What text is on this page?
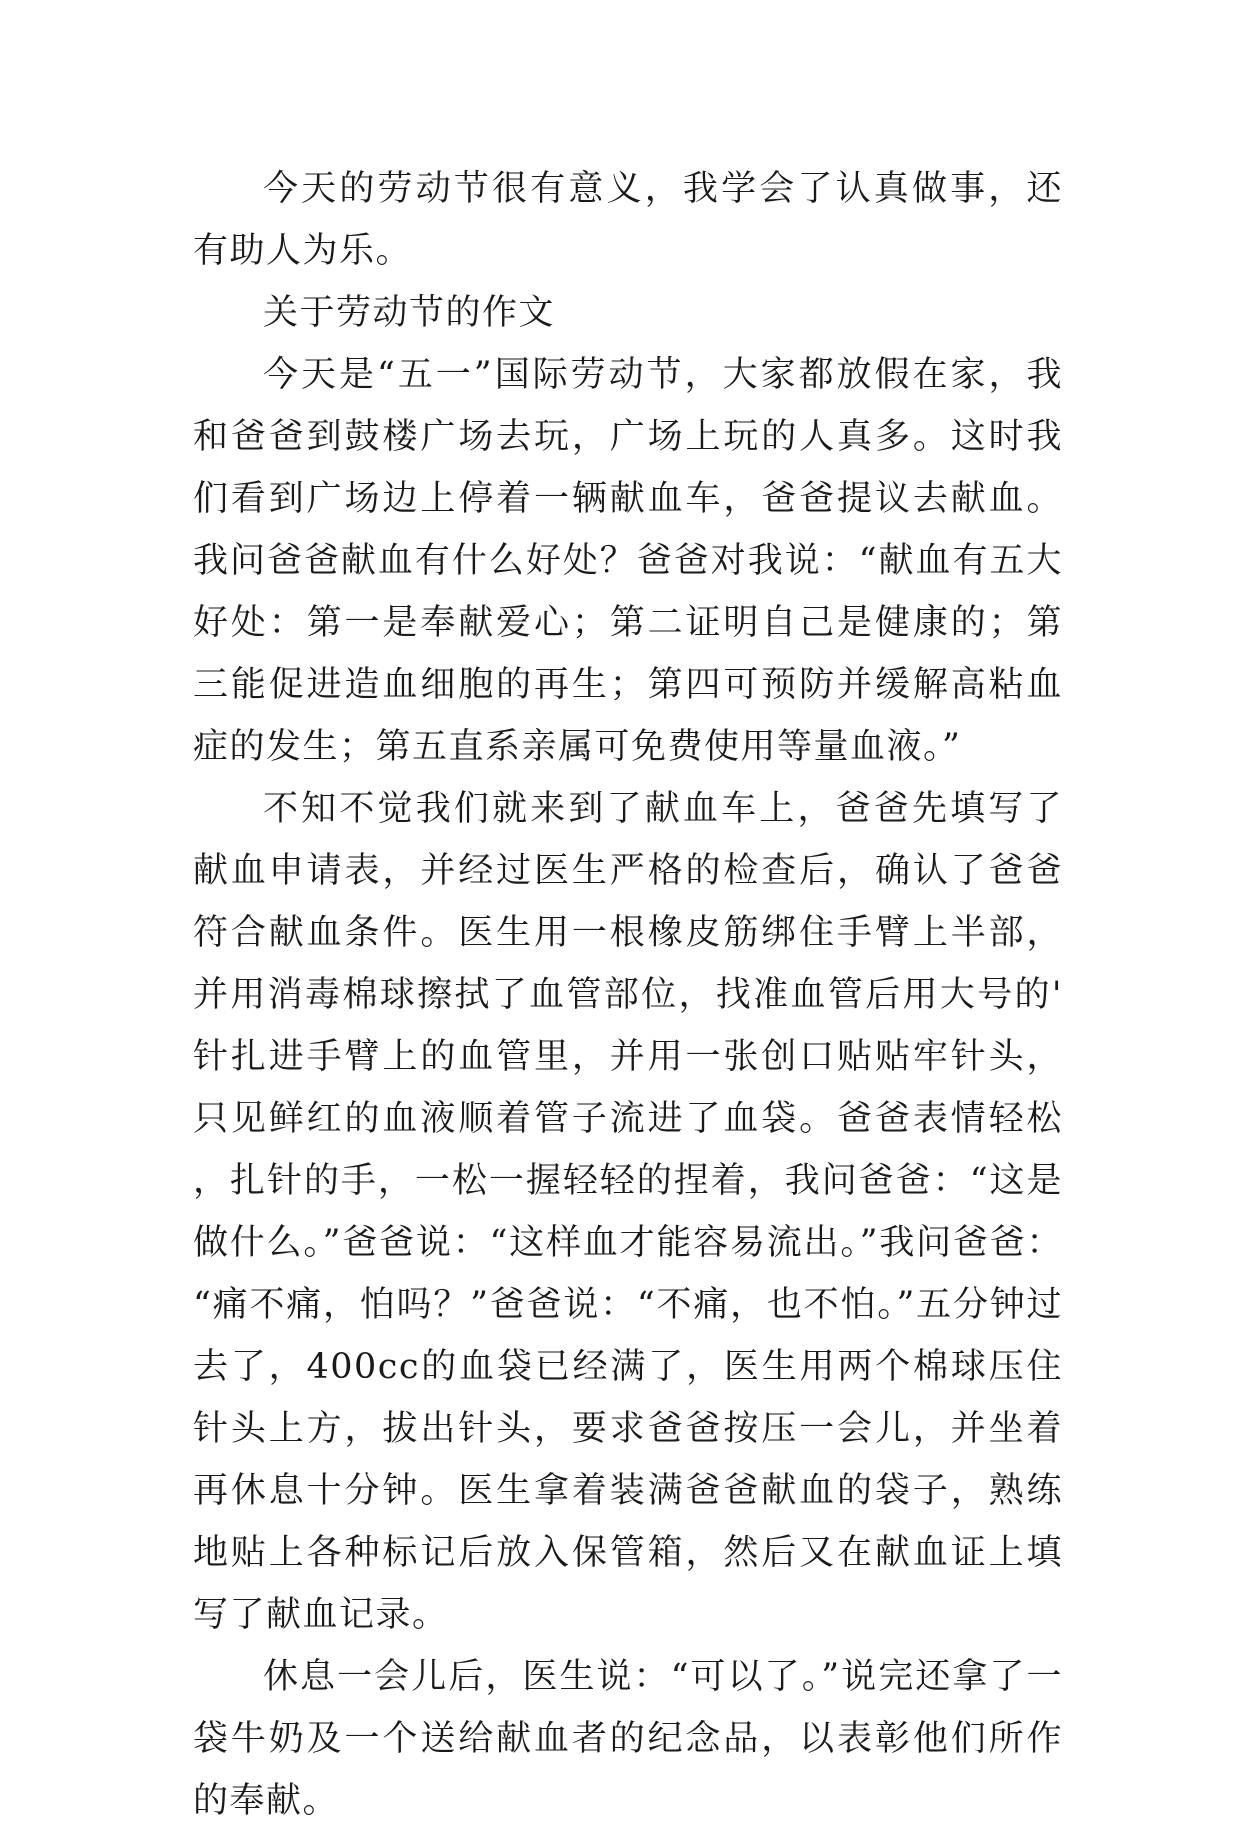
今天的劳动节很有意义，我学会了认真做事，还有助人为乐。

关于劳动节的作文

今天是“五一”国际劳动节，大家都放假在家，我和爸爸到鼓楼广场去玩，广场上玩的人真多。这时我们看到广场边上停着一辆献血车，爸爸提议去献血。我问爸爸献血有什么好处？爸爸对我说：“献血有五大好处：第一是奉献爱心；第二证明自己是健康的；第三能促进造血细胞的再生；第四可预防并缓解高粘血症的发生；第五直系亲属可免费使用等量血液。”

不知不觉我们就来到了献血车上，爸爸先填写了献血申请表，并经过医生严格的检查后，确认了爸爸符合献血条件。医生用一根橡皮筋绑住手臂上半部，并用消毒棉球擦拭了血管部位，找准血管后用大号的'针扎进手臂上的血管里，并用一张创口贴贴牢针头，只见鲜红的血液顺着管子流进了血袋。爸爸表情轻松，扎针的手，一松一握轻轻的捏着，我问爸爸：“这是做什么。”爸爸说：“这样血才能容易流出。”我问爸爸：“痛不痛，怕吗？”爸爸说：“不痛，也不怕。”五分钟过去了，400cc的血袋已经满了，医生用两个棉球压住针头上方，拔出针头，要求爸爸按压一会儿，并坐着再休息十分钟。医生拿着装满爸爸献血的袋子，熟练地贴上各种标记后放入保管箱，然后又在献血证上填写了献血记录。

休息一会儿后，医生说：“可以了。”说完还拿了一袋牛奶及一个送给献血者的纪念品，以表彰他们所作的奉献。
